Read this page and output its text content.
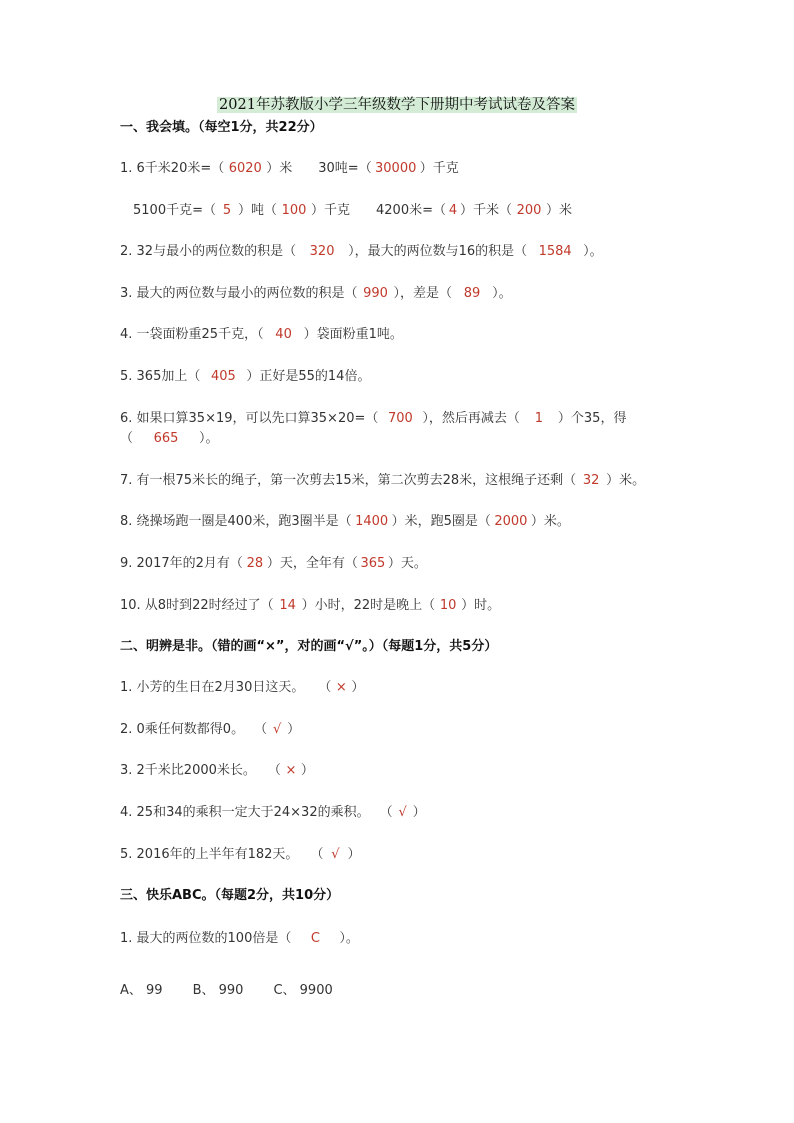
2021年苏教版小学三年级数学下册期中考试试卷及答案
一、我会填。（每空1分，共22分）
1. 6千米20米=（ 6020 ）米 30吨=（ 30000 ）千克
5100千克=（ 5 ）吨（ 100 ）千克 4200米=（ 4 ）千米（ 200 ）米
2. 32与最小的两位数的积是（ 320 ），最大的两位数与16的积是（ 1584 ）。
3. 最大的两位数与最小的两位数的积是（ 990 ），差是（ 89 ）。
4. 一袋面粉重25千克，（ 40 ）袋面粉重1吨。
5. 365加上（ 405 ）正好是55的14倍。
6. 如果口算35×19，可以先口算35×20=（ 700 ），然后再减去（ 1 ）个35，得
（ 665 ）。
7. 有一根75米长的绳子，第一次剪去15米，第二次剪去28米，这根绳子还剩（ 32 ）米。
8. 绕操场跑一圈是400米，跑3圈半是（ 1400 ）米，跑5圈是（ 2000 ）米。
9. 2017年的2月有（ 28 ）天，全年有（ 365 ）天。
10. 从8时到22时经过了（ 14 ）小时，22时是晚上（ 10 ）时。
二、明辨是非。（错的画“×”，对的画“√”。）（每题1分，共5分）
1. 小芳的生日在2月30日这天。 （ × ）
2. 0乘任何数都得0。 （ √ ）
3. 2千米比2000米长。 （ × ）
4. 25和34的乘积一定大于24×32的乘积。 （ √ ）
5. 2016年的上半年有182天。 （ √ ）
三、快乐ABC。（每题2分，共10分）
1. 最大的两位数的100倍是（ C ）。
A、 99 B、 990 C、 9900
